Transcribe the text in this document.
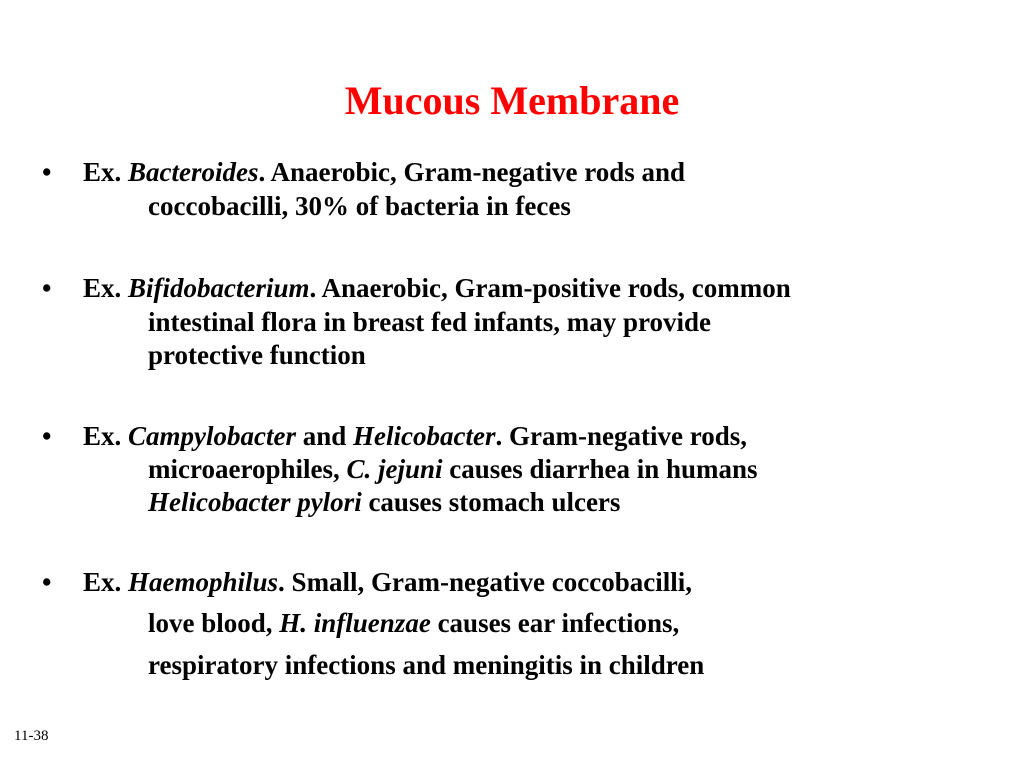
Mucous Membrane
• Ex. Bacteroides. Anaerobic, Gram-negative rods and
coccobacilli, 30% of bacteria in feces
• Ex. Bifidobacterium. Anaerobic, Gram-positive rods, common
intestinal flora in breast fed infants, may provide
protective function
• Ex. Campylobacter and Helicobacter. Gram-negative rods,
microaerophiles, C. jejuni causes diarrhea in humans
Helicobacter pylori causes stomach ulcers
• Ex. Haemophilus. Small, Gram-negative coccobacilli,
love blood, H. influenzae causes ear infections,
respiratory infections and meningitis in children
11-38
